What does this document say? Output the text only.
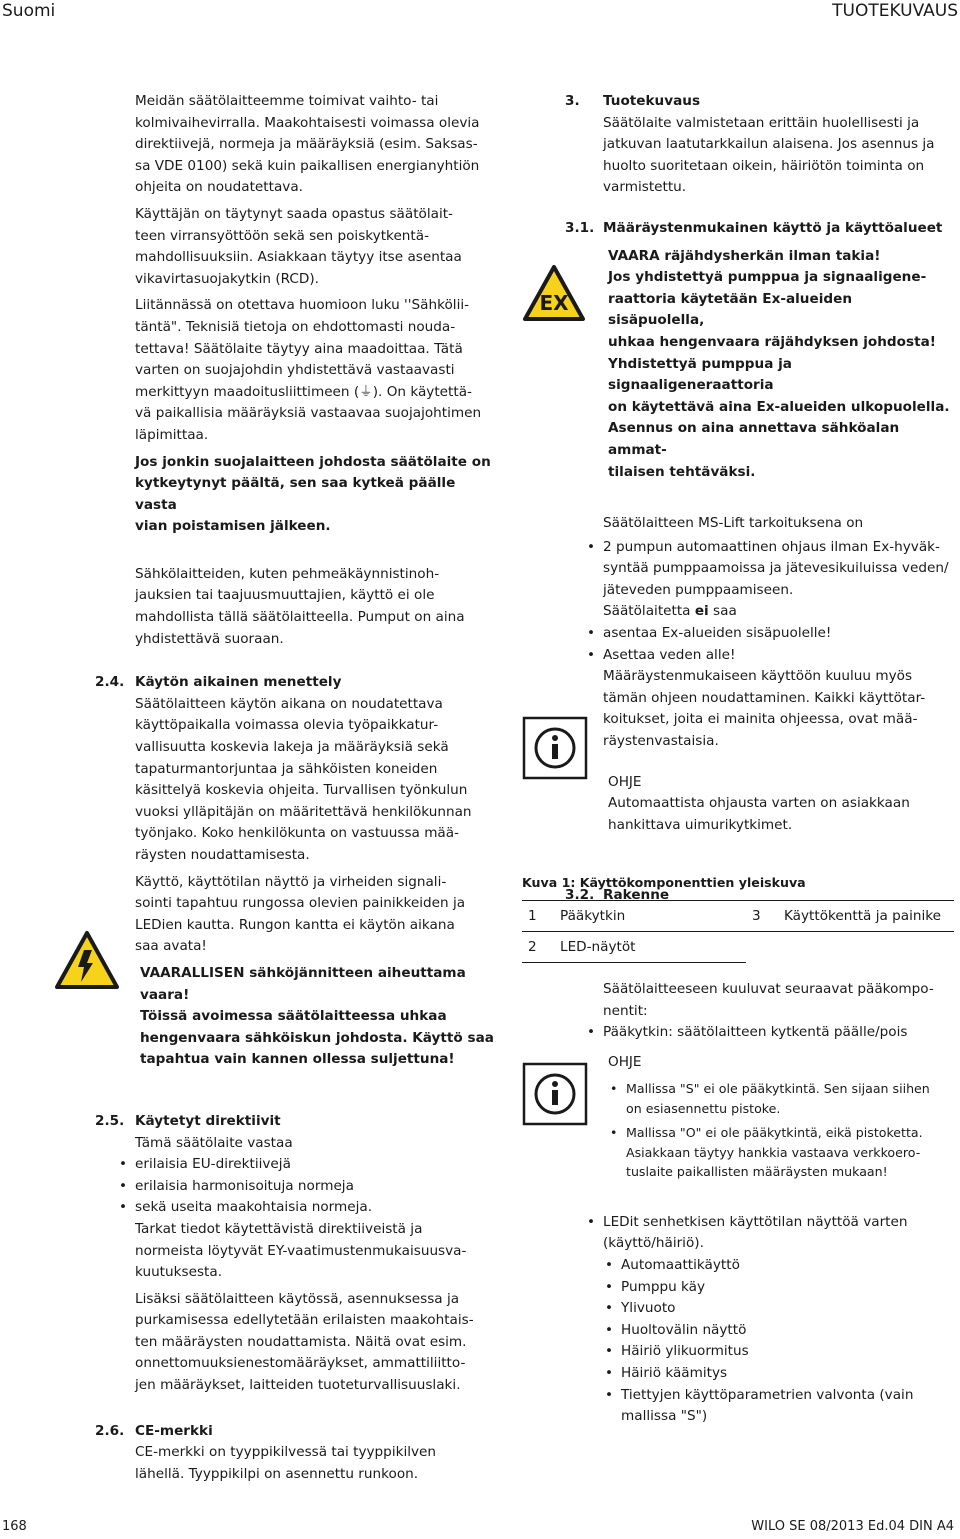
Suomi	TUOTEKUVAUS

Meidän säätölaitteemme toimivat vaihto- tai
kolmivaihevirralla. Maakohtaisesti voimassa olevia
direktiivejä, normeja ja määräyksiä (esim. Saksas-
sa VDE 0100) sekä kuin paikallisen energianyhtiön
ohjeita on noudatettava.

Käyttäjän on täytynyt saada opastus säätölait-
teen virransyöttöön sekä sen poiskytkentä-
mahdollisuuksiin. Asiakkaan täytyy itse asentaa
vikavirtasuojakytkin (RCD).

Liitännässä on otettava huomioon luku ''Sähkölii-
täntä". Teknisiä tietoja on ehdottomasti nouda-
tettava! Säätölaite täytyy aina maadoittaa. Tätä
varten on suojajohdin yhdistettävä vastaavasti
merkittyyn maadoitusliittimeen (⏚). On käytettä-
vä paikallisia määräyksiä vastaavaa suojajohtimen
läpimittaa.

Jos jonkin suojalaitteen johdosta säätölaite on
kytkeytynyt päältä, sen saa kytkeä päälle vasta
vian poistamisen jälkeen.

Sähkölaitteiden, kuten pehmeäkäynnistinoh-
jauksien tai taajuusmuuttajien, käyttö ei ole
mahdollista tällä säätölaitteella. Pumput on aina
yhdistettävä suoraan.

2.4. Käytön aikainen menettely

Säätölaitteen käytön aikana on noudatettava
käyttöpaikalla voimassa olevia työpaikkatur-
vallisuutta koskevia lakeja ja määräyksiä sekä
tapaturmantorjuntaa ja sähköisten koneiden
käsittelyä koskevia ohjeita. Turvallisen työnkulun
vuoksi ylläpitäjän on määritettävä henkilökunnan
työnjako. Koko henkilökunta on vastuussa mää-
räysten noudattamisesta.

Käyttö, käyttötilan näyttö ja virheiden signali-
sointi tapahtuu rungossa olevien painikkeiden ja
LEDien kautta. Rungon kantta ei käytön aikana
saa avata!

VAARALLISEN sähköjännitteen aiheuttama
vaara!
Töissä avoimessa säätölaitteessa uhkaa
hengenvaara sähköiskun johdosta. Käyttö saa
tapahtua vain kannen ollessa suljettuna!

2.5. Käytetyt direktiivit

Tämä säätölaite vastaa

• erilaisia EU-direktiivejä

• erilaisia harmonisoituja normeja

• sekä useita maakohtaisia normeja.

Tarkat tiedot käytettävistä direktiiveistä ja
normeista löytyvät EY-vaatimustenmukaisuusva-
kuutuksesta.

Lisäksi säätölaitteen käytössä, asennuksessa ja
purkamisessa edellytetään erilaisten maakohtais-
ten määräysten noudattamista. Näitä ovat esim.
onnettomuuksienestomääräykset, ammattiliitto-
jen määräykset, laitteiden tuoteturvallisuuslaki.

2.6. CE-merkki

CE-merkki on tyyppikilvessä tai tyyppikilven
lähellä. Tyyppikilpi on asennettu runkoon.

3.	Tuotekuvaus

Säätölaite valmistetaan erittäin huolellisesti ja
jatkuvan laatutarkkailun alaisena. Jos asennus ja
huolto suoritetaan oikein, häiriötön toiminta on
varmistettu.

3.1. Määräystenmukainen käyttö ja käyttöalueet

VAARA räjähdysherkän ilman takia!
Jos yhdistettyä pumppua ja signaaligene-
raattoria käytetään Ex-alueiden sisäpuolella,
uhkaa hengenvaara räjähdyksen johdosta!
Yhdistettyä pumppua ja signaaligeneraattoria
on käytettävä aina Ex-alueiden ulkopuolella.
Asennus on aina annettava sähköalan ammat-
tilaisen tehtäväksi.

Säätölaitteen MS-Lift tarkoituksena on

• 2 pumpun automaattinen ohjaus ilman Ex-hyväk-
syntää pumppaamoissa ja jätevesikuiluissa veden/
jäteveden pumppaamiseen.

Säätölaitetta ei saa

• asentaa Ex-alueiden sisäpuolelle!

• Asettaa veden alle!

Määräystenmukaiseen käyttöön kuuluu myös
tämän ohjeen noudattaminen. Kaikki käyttötar-
koitukset, joita ei mainita ohjeessa, ovat mää-
räystenvastaisia.

OHJE

Automaattista ohjausta varten on asiakkaan
hankittava uimurikytkimet.

3.2. Rakenne

EX
Kuva 1: Käyttökomponenttien yleiskuva
1	Pääkytkin	3	Käyttökenttä ja painike
2	LED-näytöt		

Säätölaitteeseen kuuluvat seuraavat pääkompo-
nentit:

• Pääkytkin: säätölaitteen kytkentä päälle/pois

OHJE

• Mallissa "S" ei ole pääkytkintä. Sen sijaan siihen
on esiasennettu pistoke.

• Mallissa "O" ei ole pääkytkintä, eikä pistoketta.
Asiakkaan täytyy hankkia vastaava verkkoero-
tuslaite paikallisten määräysten mukaan!

• LEDit senhetkisen käyttötilan näyttöä varten
(käyttö/häiriö).

• Automaattikäyttö

• Pumppu käy

• Ylivuoto

• Huoltovälin näyttö

• Häiriö ylikuormitus

• Häiriö käämitys

• Tiettyjen käyttöparametrien valvonta (vain
mallissa "S")

168	WILO SE 08/2013 Ed.04 DIN A4
